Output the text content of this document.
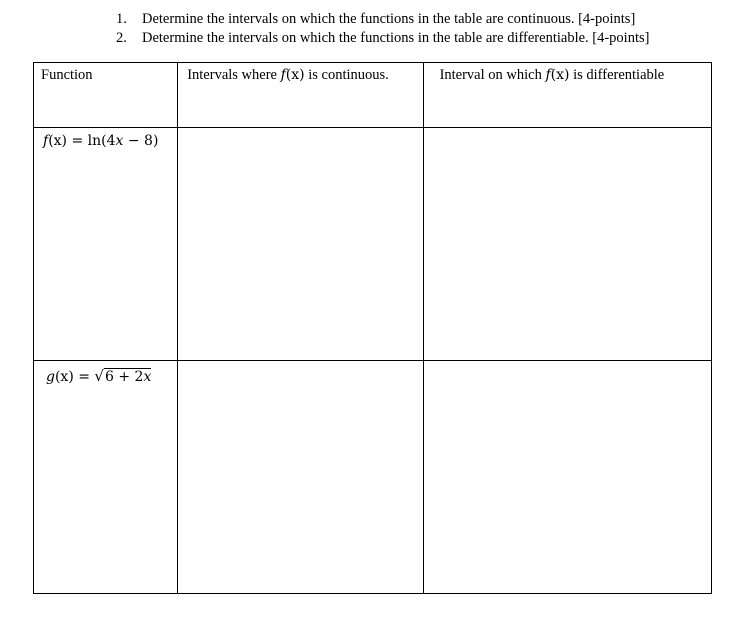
1.	Determine the intervals on which the functions in the table are continuous. [4-points]
2.	Determine the intervals on which the functions in the table are differentiable. [4-points]
Function	Intervals where f(x) is continuous.	Interval on which f(x) is differentiable

f(x) = ln(4x − 8)		

g(x) = √6 + 2x		
